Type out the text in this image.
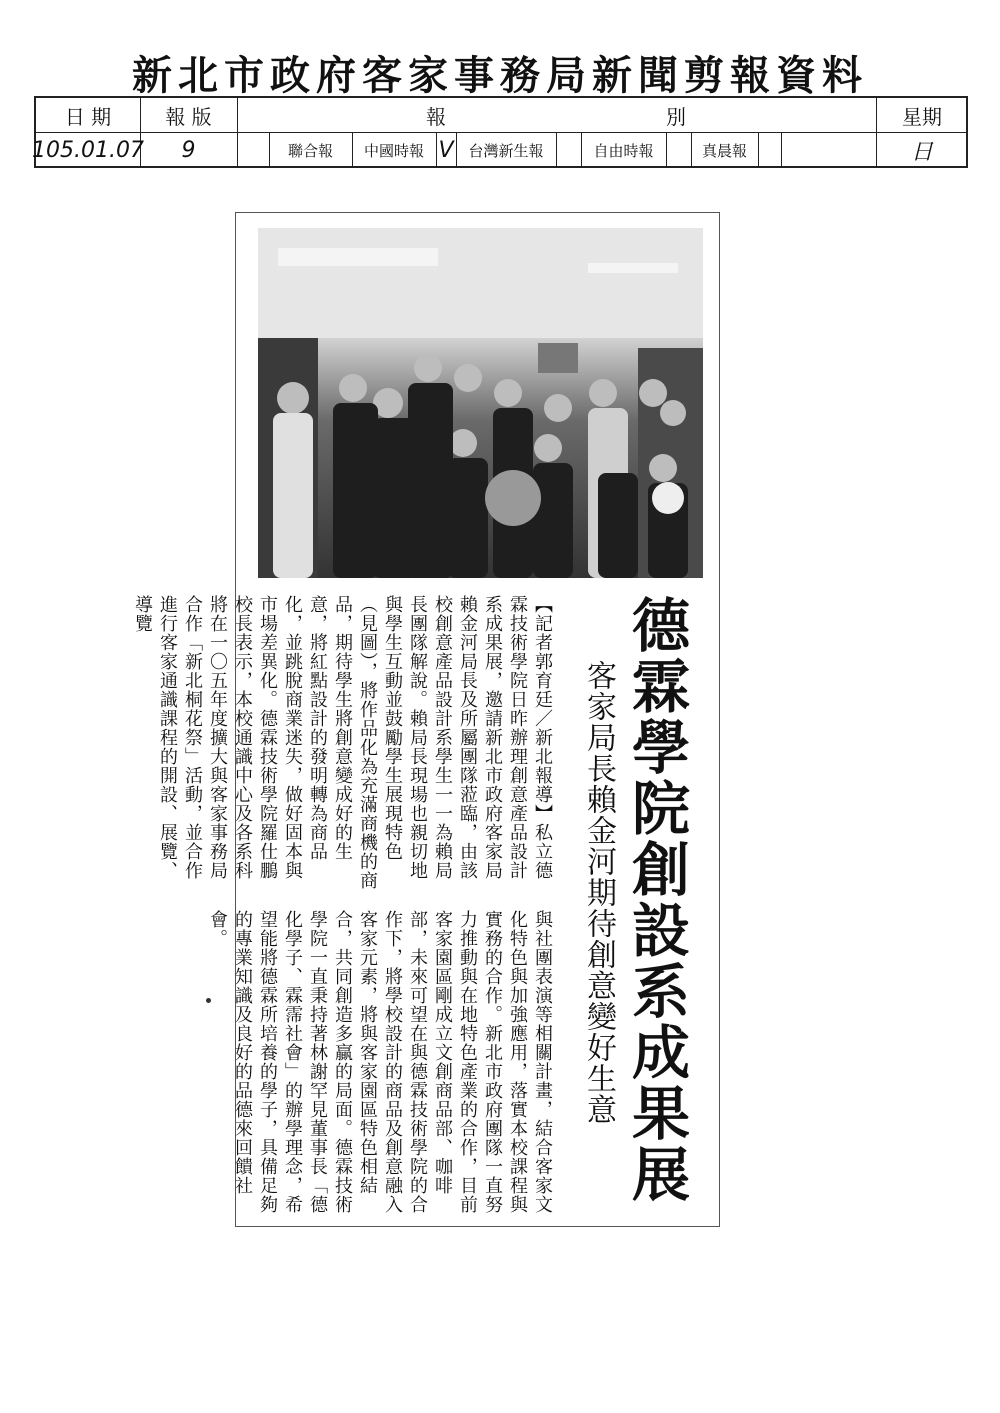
新北市政府客家事務局新聞剪報資料
日 期	報 版	報	別	星期
105.01.07	9	聯合報	中國時報 V 台灣新生報	自由時報	真晨報	日
德霖學院創設系成果展
客家局長賴金河期待創意變好生意
與社團表演等相關計畫，結合客家文化特色與加強應用，落實本校課程與實務的合作。新北市政府團隊一直努力推動與在地特色產業的合作，目前客家園區剛成立文創商品部、咖啡部，未來可望在與德霖技術學院的合作下，將學校設計的商品及創意融入客家元素，將與客家園區特色相結合，共同創造多贏的局面。德霖技術學院一直秉持著林謝罕見董事長「德化學子、霖霈社會」的辦學理念，希望能將德霖所培養的學子，具備足夠的專業知識及良好的品德來回饋社會。
【記者郭育廷／新北報導】私立德霖技術學院日昨辦理創意產品設計系成果展，邀請新北市政府客家局賴金河局長及所屬團隊蒞臨，由該校創意產品設計系學生一一為賴局長團隊解說。賴局長現場也親切地與學生互動並鼓勵學生展現特色（見圖），將作品化為充滿商機的商品，期待學生將創意變成好的生意，將紅點設計的發明轉為商品化，並跳脫商業迷失，做好固本與市場差異化。德霖技術學院羅仕鵬校長表示，本校通識中心及各系科將在一〇五年度擴大與客家事務局合作「新北桐花祭」活動，並合作進行客家通識課程的開設、展覽、導覽
